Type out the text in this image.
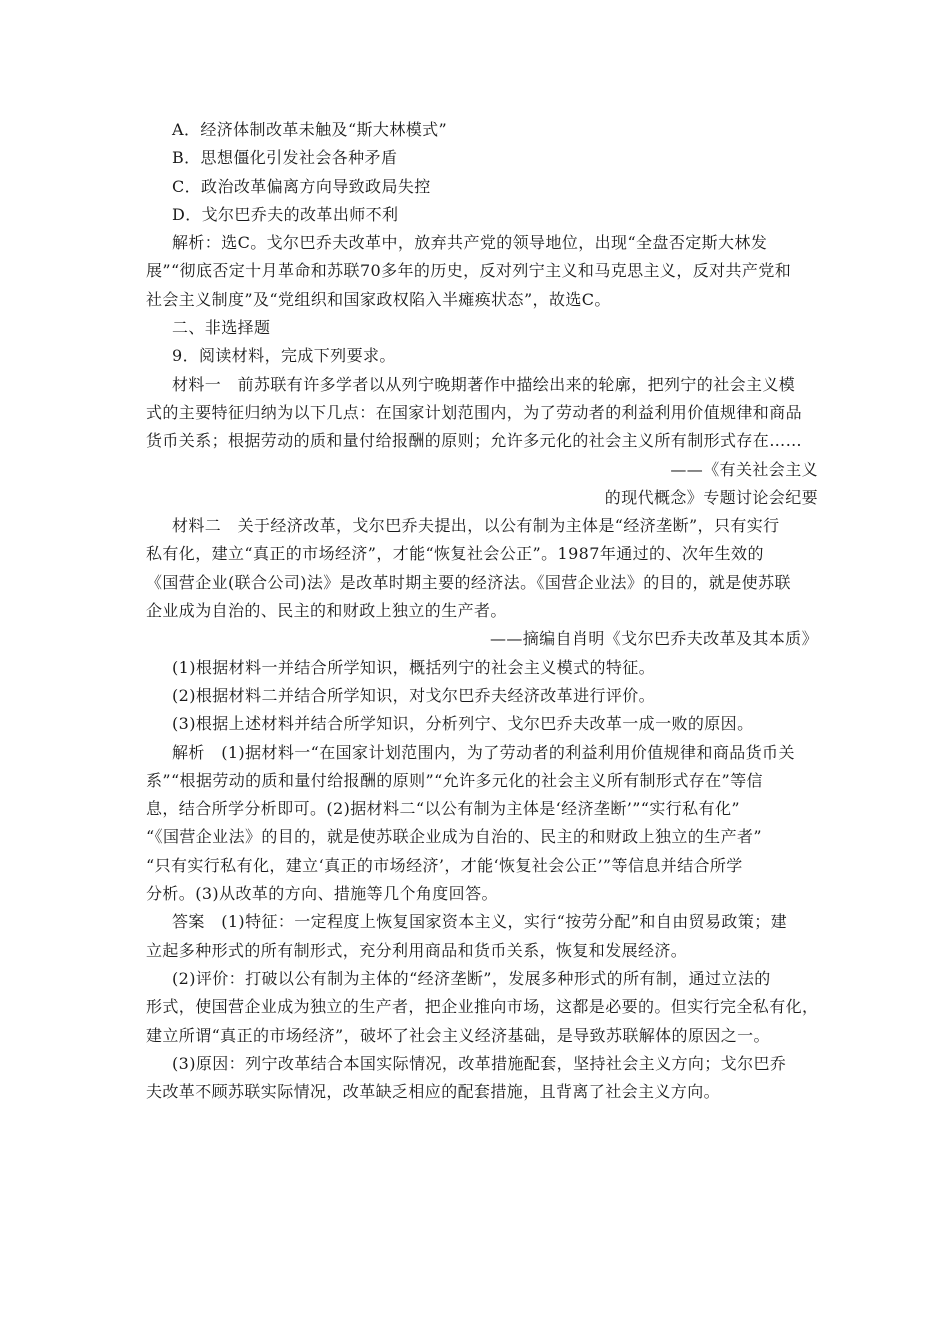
A．经济体制改革未触及“斯大林模式”
B．思想僵化引发社会各种矛盾
C．政治改革偏离方向导致政局失控
D．戈尔巴乔夫的改革出师不利
解析：选C。戈尔巴乔夫改革中，放弃共产党的领导地位，出现“全盘否定斯大林发
展”“彻底否定十月革命和苏联70多年的历史，反对列宁主义和马克思主义，反对共产党和
社会主义制度”及“党组织和国家政权陷入半瘫痪状态”，故选C。
二、非选择题
9．阅读材料，完成下列要求。
材料一　前苏联有许多学者以从列宁晚期著作中描绘出来的轮廓，把列宁的社会主义模
式的主要特征归纳为以下几点：在国家计划范围内，为了劳动者的利益利用价值规律和商品
货币关系；根据劳动的质和量付给报酬的原则；允许多元化的社会主义所有制形式存在……
——《有关社会主义
的现代概念》专题讨论会纪要
材料二　关于经济改革，戈尔巴乔夫提出，以公有制为主体是“经济垄断”，只有实行
私有化，建立“真正的市场经济”，才能“恢复社会公正”。1987年通过的、次年生效的
《国营企业(联合公司)法》是改革时期主要的经济法。《国营企业法》的目的，就是使苏联
企业成为自治的、民主的和财政上独立的生产者。
——摘编自肖明《戈尔巴乔夫改革及其本质》
(1)根据材料一并结合所学知识，概括列宁的社会主义模式的特征。
(2)根据材料二并结合所学知识，对戈尔巴乔夫经济改革进行评价。
(3)根据上述材料并结合所学知识，分析列宁、戈尔巴乔夫改革一成一败的原因。
解析　(1)据材料一“在国家计划范围内，为了劳动者的利益利用价值规律和商品货币关
系”“根据劳动的质和量付给报酬的原则”“允许多元化的社会主义所有制形式存在”等信
息，结合所学分析即可。(2)据材料二“以公有制为主体是‘经济垄断’”“实行私有化”
“《国营企业法》的目的，就是使苏联企业成为自治的、民主的和财政上独立的生产者”
“只有实行私有化，建立‘真正的市场经济’，才能‘恢复社会公正’”等信息并结合所学
分析。(3)从改革的方向、措施等几个角度回答。
答案　(1)特征：一定程度上恢复国家资本主义，实行“按劳分配”和自由贸易政策；建
立起多种形式的所有制形式，充分利用商品和货币关系，恢复和发展经济。
(2)评价：打破以公有制为主体的“经济垄断”，发展多种形式的所有制，通过立法的
形式，使国营企业成为独立的生产者，把企业推向市场，这都是必要的。但实行完全私有化，
建立所谓“真正的市场经济”，破坏了社会主义经济基础，是导致苏联解体的原因之一。
(3)原因：列宁改革结合本国实际情况，改革措施配套，坚持社会主义方向；戈尔巴乔
夫改革不顾苏联实际情况，改革缺乏相应的配套措施，且背离了社会主义方向。
